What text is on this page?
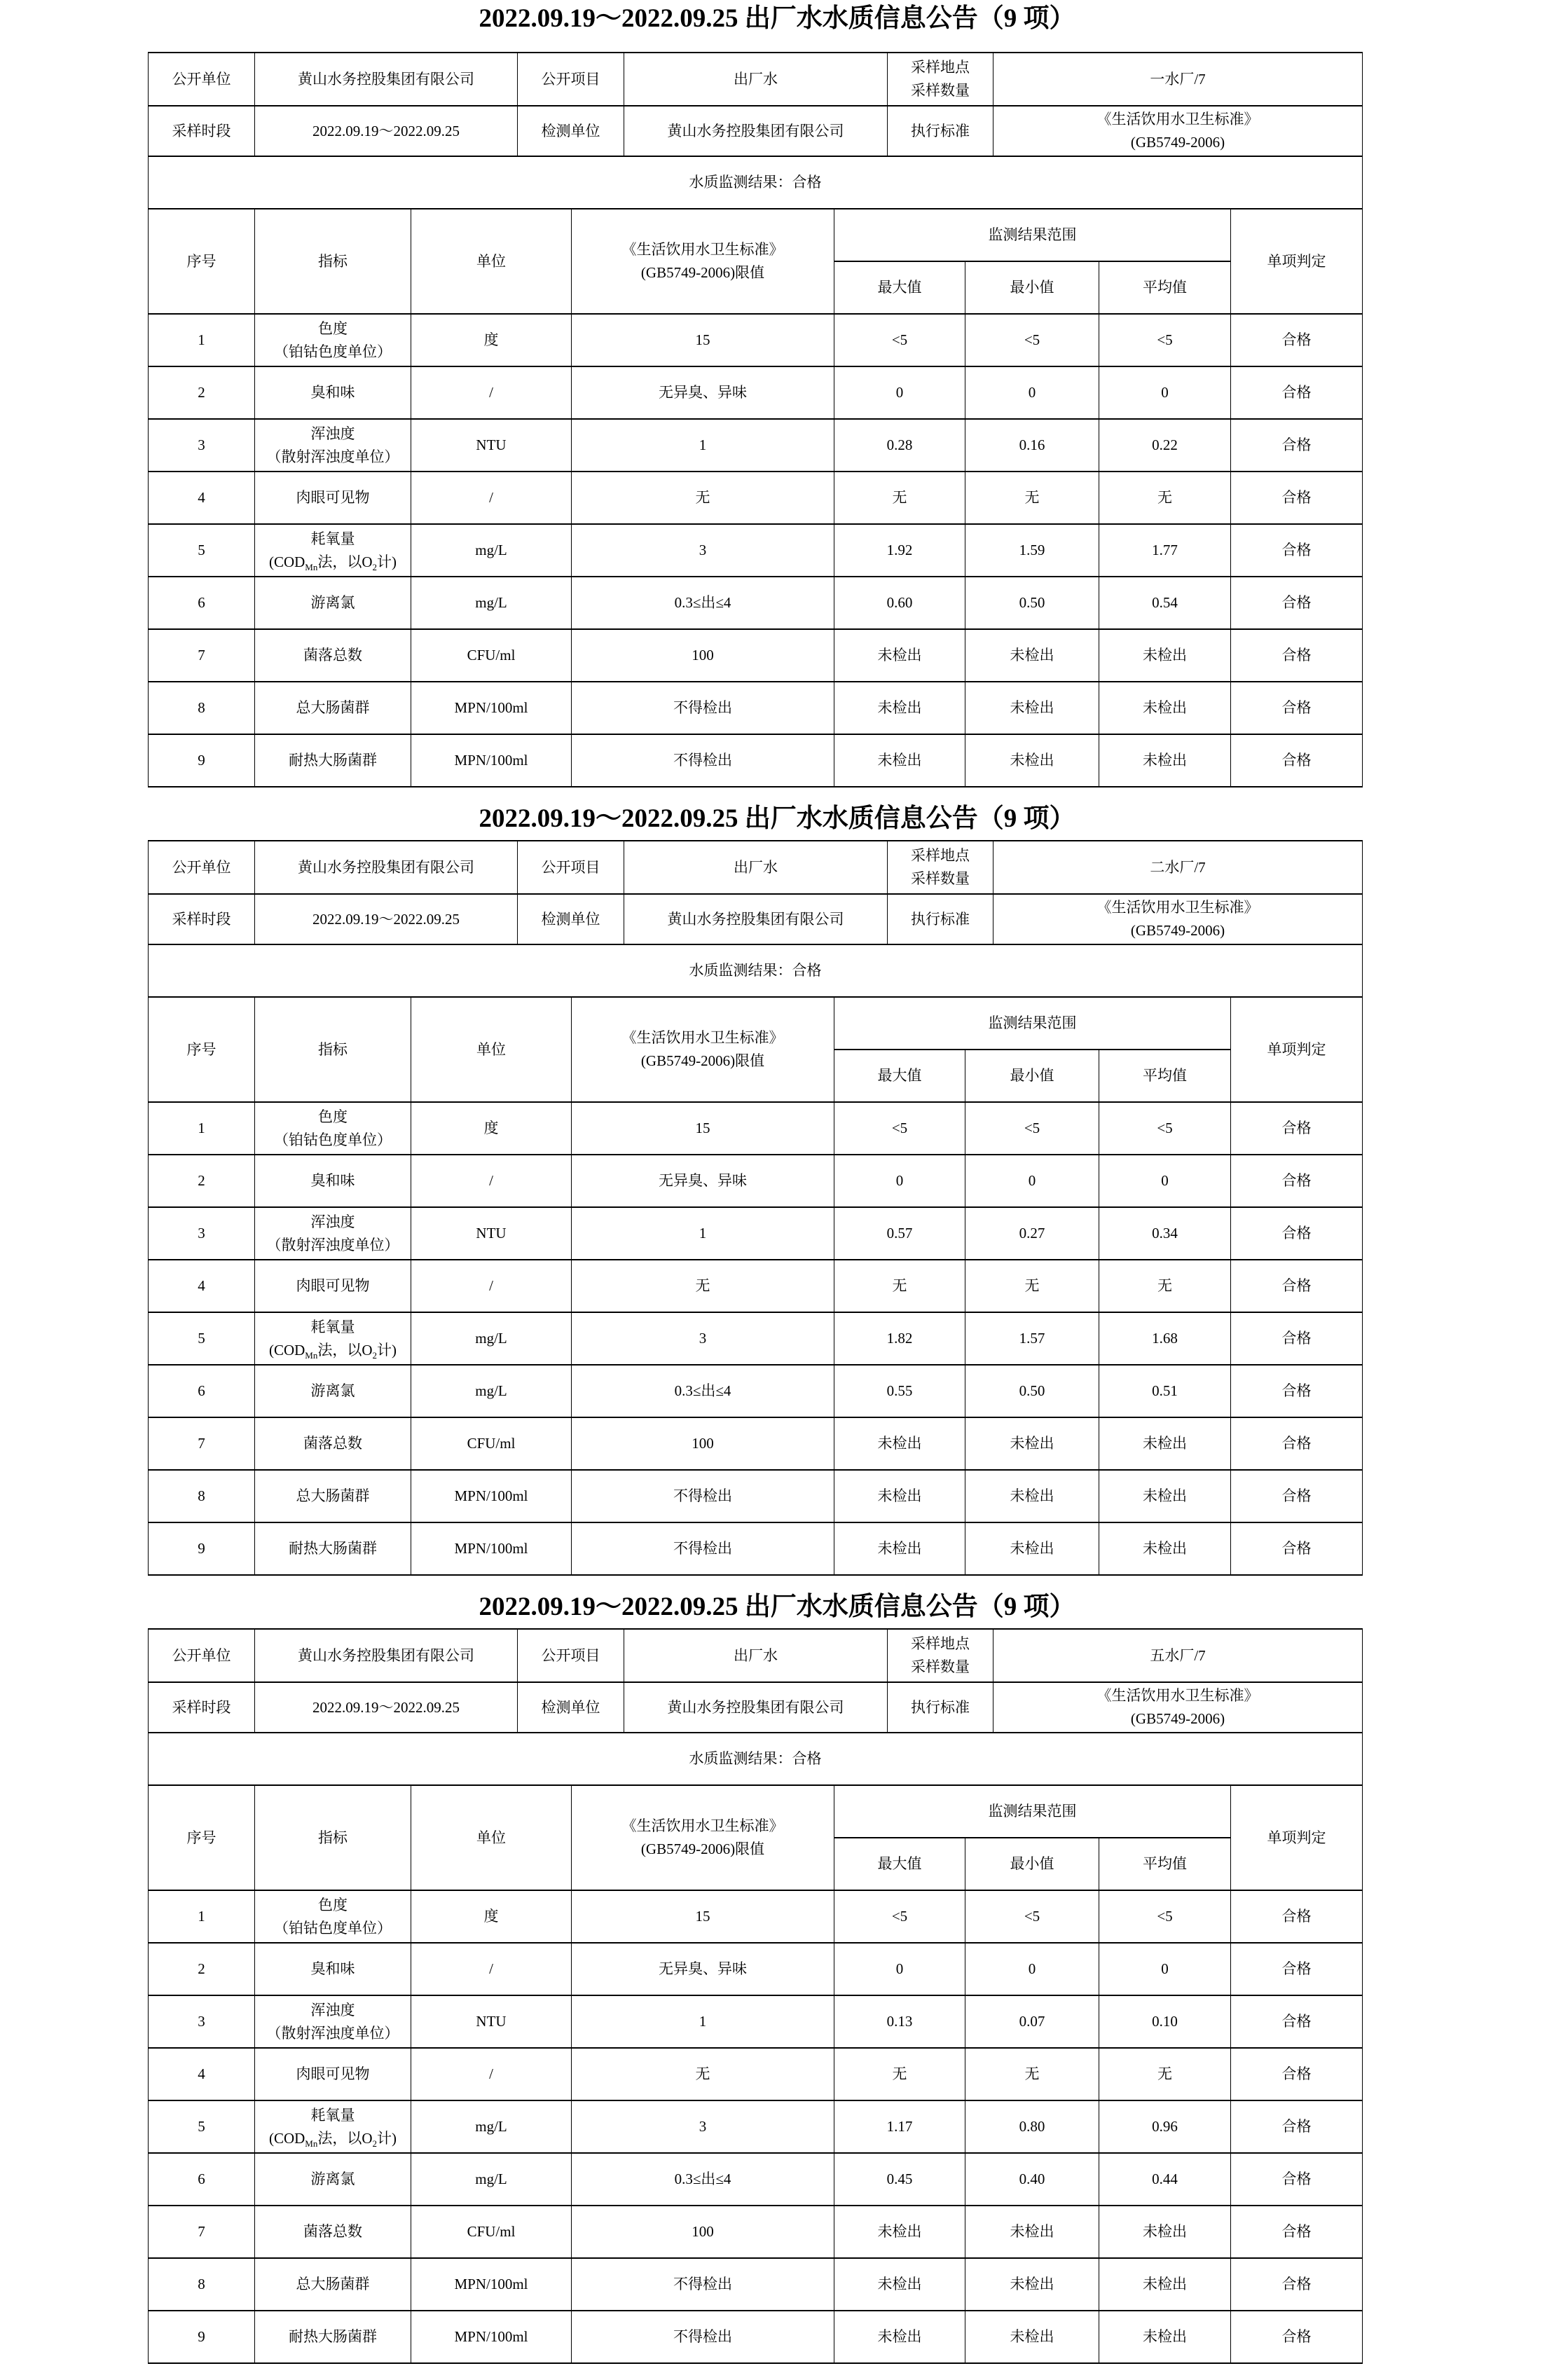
2022.09.19～2022.09.25 出厂水水质信息公告（9 项）
公开单位	黄山水务控股集团有限公司	公开项目	出厂水	采样地点
采样数量	一水厂/7
采样时段	2022.09.19～2022.09.25	检测单位	黄山水务控股集团有限公司	执行标准	《生活饮用水卫生标准》
(GB5749-2006)
水质监测结果：合格							
序号	指标	单位	《生活饮用水卫生标准》
(GB5749-2006)限值	监测结果范围			单项判定
				最大值	最小值	平均值	
1	色度
（铂钴色度单位）	度	15	<5	<5	<5	合格
2	臭和味	/	无异臭、异味	0	0	0	合格
3	浑浊度
（散射浑浊度单位）	NTU	1	0.28	0.16	0.22	合格
4	肉眼可见物	/	无	无	无	无	合格
5	耗氧量
($COD_{Mn}$法，以$O_2$计)	mg/L	3	1.92	1.59	1.77	合格
6	游离氯	mg/L	0.3≤出≤4	0.60	0.50	0.54	合格
7	菌落总数	CFU/ml	100	未检出	未检出	未检出	合格
8	总大肠菌群	MPN/100ml	不得检出	未检出	未检出	未检出	合格
9	耐热大肠菌群	MPN/100ml	不得检出	未检出	未检出	未检出	合格
2022.09.19～2022.09.25 出厂水水质信息公告（9 项）
公开单位	黄山水务控股集团有限公司	公开项目	出厂水	采样地点
采样数量	二水厂/7
采样时段	2022.09.19～2022.09.25	检测单位	黄山水务控股集团有限公司	执行标准	《生活饮用水卫生标准》
(GB5749-2006)
水质监测结果：合格							
序号	指标	单位	《生活饮用水卫生标准》
(GB5749-2006)限值	监测结果范围			单项判定
				最大值	最小值	平均值	
1	色度
（铂钴色度单位）	度	15	<5	<5	<5	合格
2	臭和味	/	无异臭、异味	0	0	0	合格
3	浑浊度
（散射浑浊度单位）	NTU	1	0.57	0.27	0.34	合格
4	肉眼可见物	/	无	无	无	无	合格
5	耗氧量
($COD_{Mn}$法，以$O_2$计)	mg/L	3	1.82	1.57	1.68	合格
6	游离氯	mg/L	0.3≤出≤4	0.55	0.50	0.51	合格
7	菌落总数	CFU/ml	100	未检出	未检出	未检出	合格
8	总大肠菌群	MPN/100ml	不得检出	未检出	未检出	未检出	合格
9	耐热大肠菌群	MPN/100ml	不得检出	未检出	未检出	未检出	合格
2022.09.19～2022.09.25 出厂水水质信息公告（9 项）
公开单位	黄山水务控股集团有限公司	公开项目	出厂水	采样地点
采样数量	五水厂/7
采样时段	2022.09.19～2022.09.25	检测单位	黄山水务控股集团有限公司	执行标准	《生活饮用水卫生标准》
(GB5749-2006)
水质监测结果：合格							
序号	指标	单位	《生活饮用水卫生标准》
(GB5749-2006)限值	监测结果范围			单项判定
				最大值	最小值	平均值	
1	色度
（铂钴色度单位）	度	15	<5	<5	<5	合格
2	臭和味	/	无异臭、异味	0	0	0	合格
3	浑浊度
（散射浑浊度单位）	NTU	1	0.13	0.07	0.10	合格
4	肉眼可见物	/	无	无	无	无	合格
5	耗氧量
($COD_{Mn}$法，以$O_2$计)	mg/L	3	1.17	0.80	0.96	合格
6	游离氯	mg/L	0.3≤出≤4	0.45	0.40	0.44	合格
7	菌落总数	CFU/ml	100	未检出	未检出	未检出	合格
8	总大肠菌群	MPN/100ml	不得检出	未检出	未检出	未检出	合格
9	耐热大肠菌群	MPN/100ml	不得检出	未检出	未检出	未检出	合格
